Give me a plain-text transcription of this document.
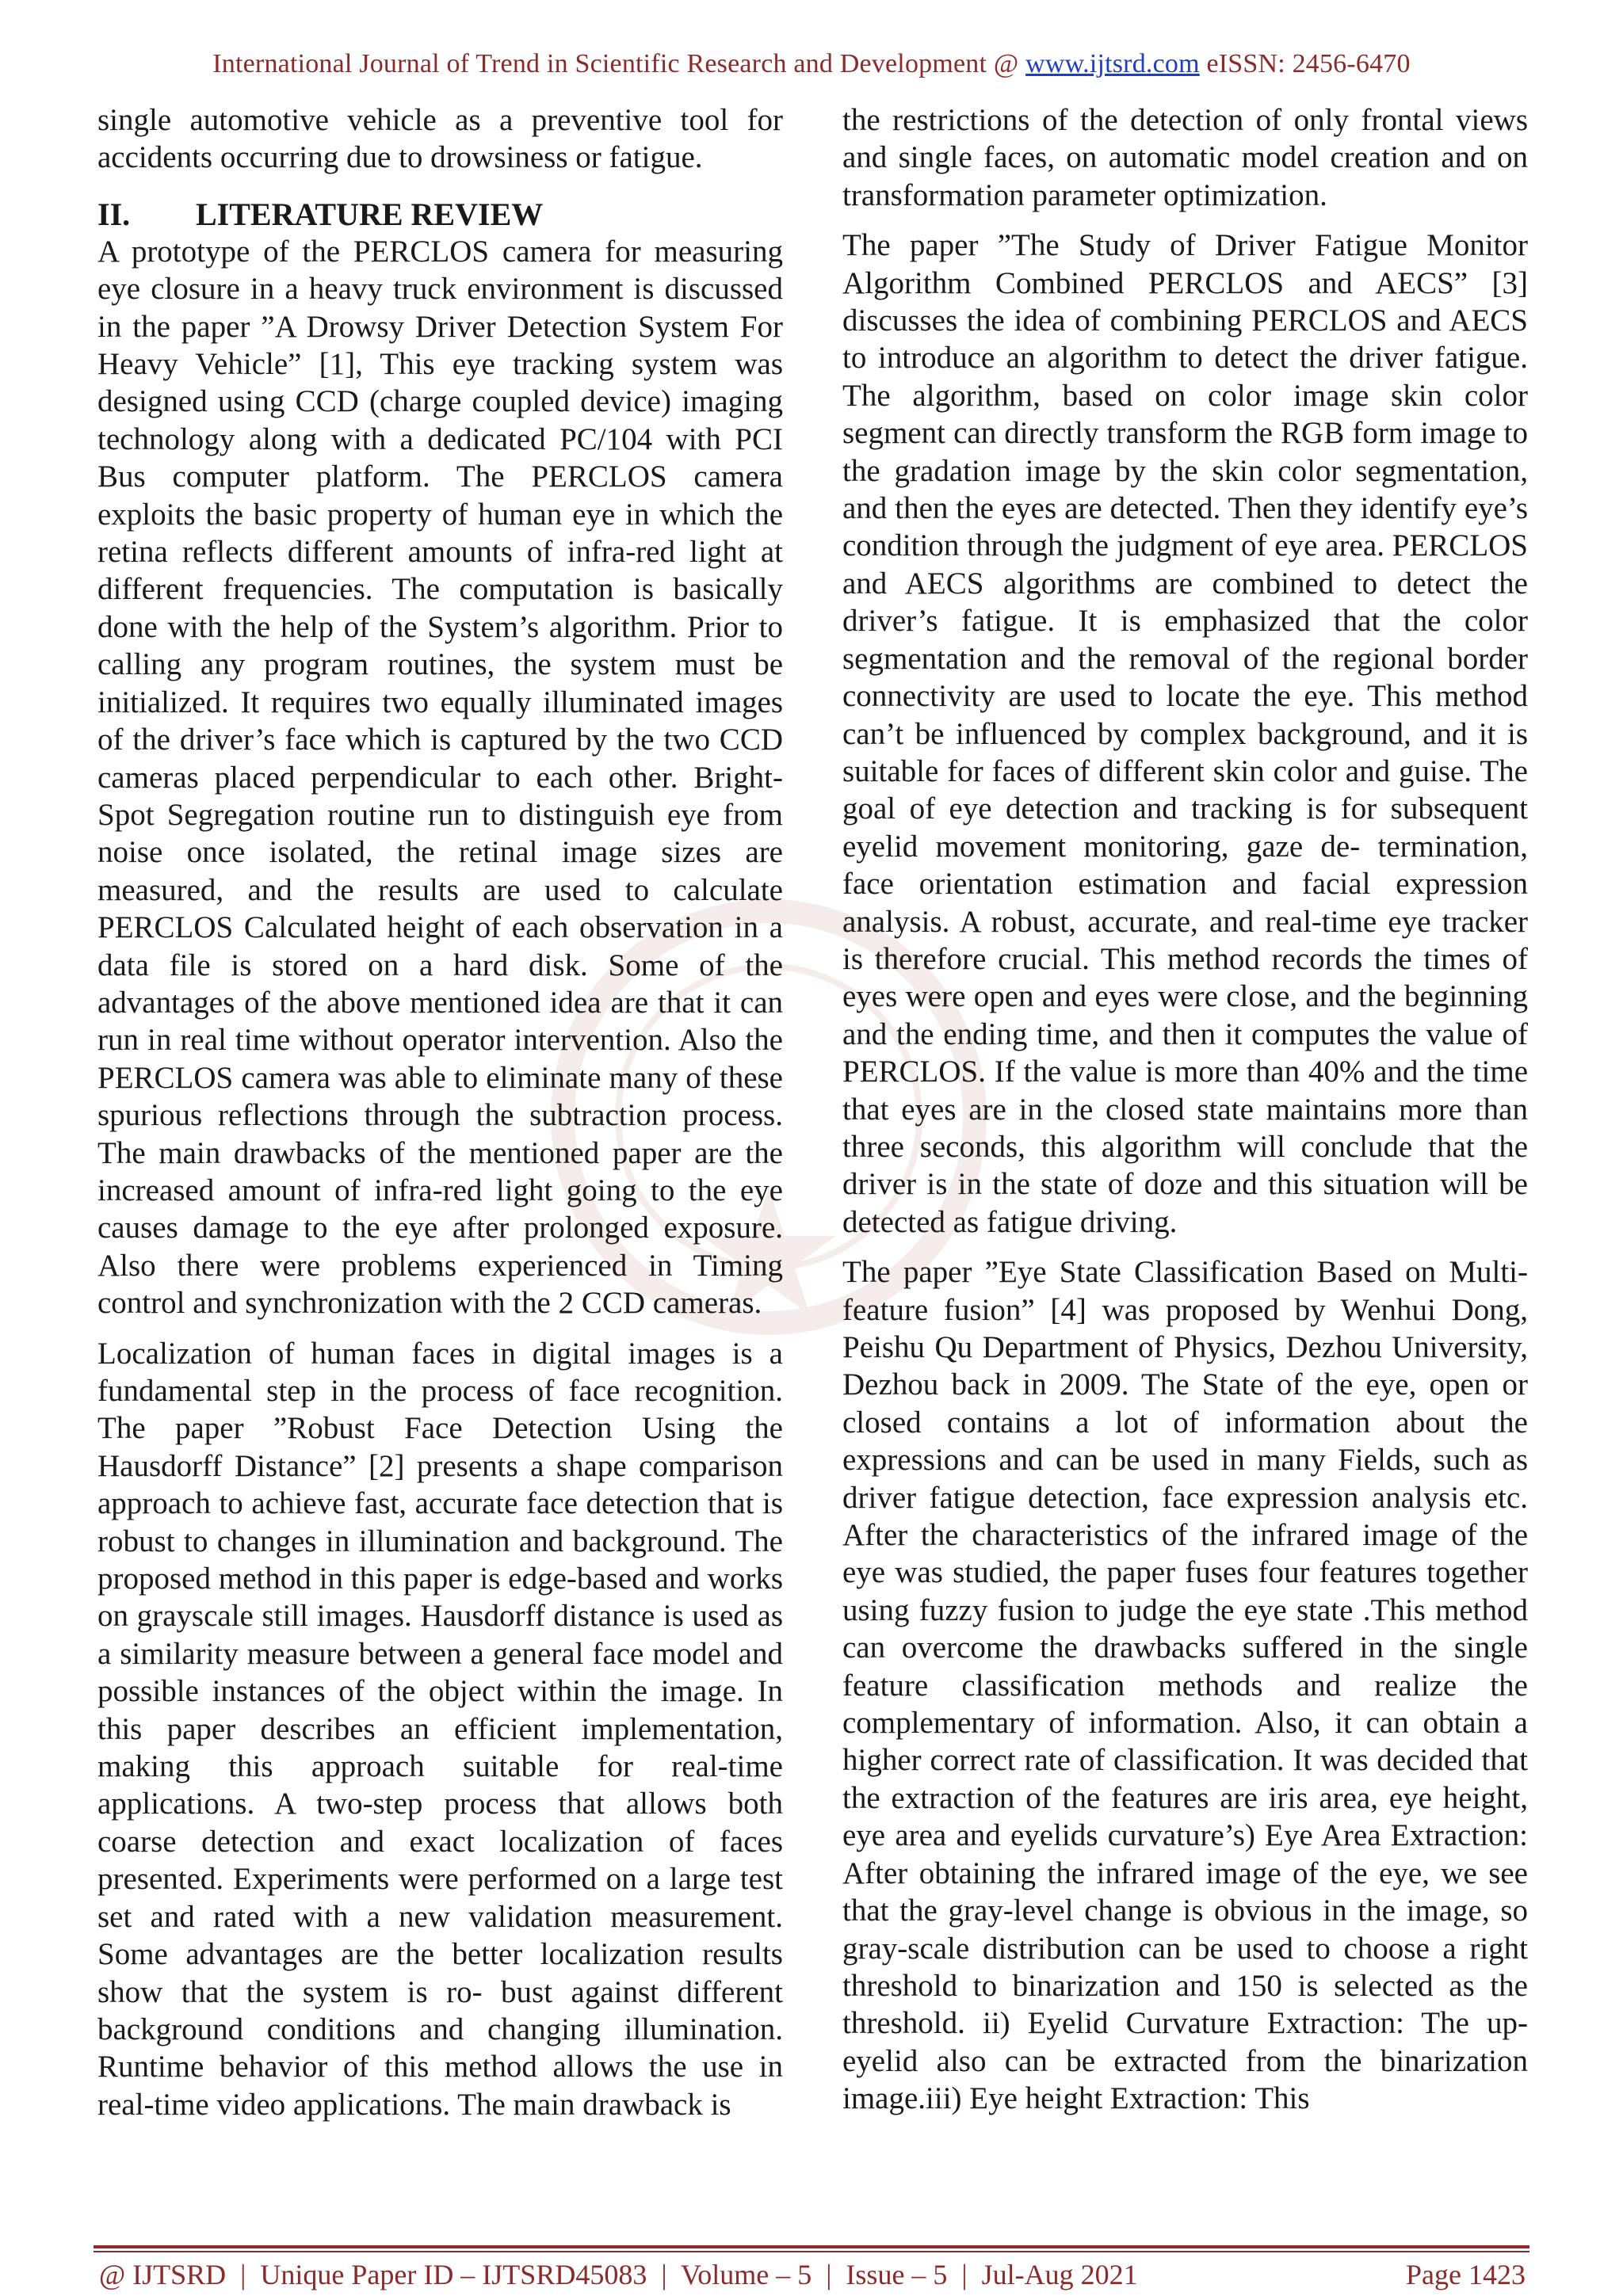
International Journal of Trend in Scientific Research and Development @ www.ijtsrd.com eISSN: 2456-6470

single automotive vehicle as a preventive tool for accidents occurring due to drowsiness or fatigue.

II.	LITERATURE REVIEW

A prototype of the PERCLOS camera for measuring eye closure in a heavy truck environment is discussed in the paper ”A Drowsy Driver Detection System For Heavy Vehicle” [1], This eye tracking system was designed using CCD (charge coupled device) imaging technology along with a dedicated PC/104 with PCI Bus computer platform. The PERCLOS camera exploits the basic property of human eye in which the retina reflects different amounts of infra-red light at different frequencies. The computation is basically done with the help of the System’s algorithm. Prior to calling any program routines, the system must be initialized. It requires two equally illuminated images of the driver’s face which is captured by the two CCD cameras placed perpendicular to each other. Bright-Spot Segregation routine run to distinguish eye from noise once isolated, the retinal image sizes are measured, and the results are used to calculate PERCLOS Calculated height of each observation in a data file is stored on a hard disk. Some of the advantages of the above mentioned idea are that it can run in real time without operator intervention. Also the PERCLOS camera was able to eliminate many of these spurious reflections through the subtraction process. The main drawbacks of the mentioned paper are the increased amount of infra-red light going to the eye causes damage to the eye after prolonged exposure. Also there were problems experienced in Timing control and synchronization with the 2 CCD cameras.

Localization of human faces in digital images is a fundamental step in the process of face recognition. The paper ”Robust Face Detection Using the Hausdorff Distance” [2] presents a shape comparison approach to achieve fast, accurate face detection that is robust to changes in illumination and background. The proposed method in this paper is edge-based and works on grayscale still images. Hausdorff distance is used as a similarity measure between a general face model and possible instances of the object within the image. In this paper describes an efficient implementation, making this approach suitable for real-time applications. A two-step process that allows both coarse detection and exact localization of faces presented. Experiments were performed on a large test set and rated with a new validation measurement. Some advantages are the better localization results show that the system is ro- bust against different background conditions and changing illumination. Runtime behavior of this method allows the use in real-time video applications. The main drawback is

the restrictions of the detection of only frontal views and single faces, on automatic model creation and on transformation parameter optimization.

The paper ”The Study of Driver Fatigue Monitor Algorithm Combined PERCLOS and AECS” [3] discusses the idea of combining PERCLOS and AECS to introduce an algorithm to detect the driver fatigue. The algorithm, based on color image skin color segment can directly transform the RGB form image to the gradation image by the skin color segmentation, and then the eyes are detected. Then they identify eye’s condition through the judgment of eye area. PERCLOS and AECS algorithms are combined to detect the driver’s fatigue. It is emphasized that the color segmentation and the removal of the regional border connectivity are used to locate the eye. This method can’t be influenced by complex background, and it is suitable for faces of different skin color and guise. The goal of eye detection and tracking is for subsequent eyelid movement monitoring, gaze de- termination, face orientation estimation and facial expression analysis. A robust, accurate, and real-time eye tracker is therefore crucial. This method records the times of eyes were open and eyes were close, and the beginning and the ending time, and then it computes the value of PERCLOS. If the value is more than 40% and the time that eyes are in the closed state maintains more than three seconds, this algorithm will conclude that the driver is in the state of doze and this situation will be detected as fatigue driving.

The paper ”Eye State Classification Based on Multi-feature fusion” [4] was proposed by Wenhui Dong, Peishu Qu Department of Physics, Dezhou University, Dezhou back in 2009. The State of the eye, open or closed contains a lot of information about the expressions and can be used in many Fields, such as driver fatigue detection, face expression analysis etc. After the characteristics of the infrared image of the eye was studied, the paper fuses four features together using fuzzy fusion to judge the eye state .This method can overcome the drawbacks suffered in the single feature classification methods and realize the complementary of information. Also, it can obtain a higher correct rate of classification. It was decided that the extraction of the features are iris area, eye height, eye area and eyelids curvature’s) Eye Area Extraction: After obtaining the infrared image of the eye, we see that the gray-level change is obvious in the image, so gray-scale distribution can be used to choose a right threshold to binarization and 150 is selected as the threshold. ii) Eyelid Curvature Extraction: The up-eyelid also can be extracted from the binarization image.iii) Eye height Extraction: This

@ IJTSRD  |  Unique Paper ID – IJTSRD45083  |  Volume – 5  |  Issue – 5  |  Jul-Aug 2021	Page 1423
